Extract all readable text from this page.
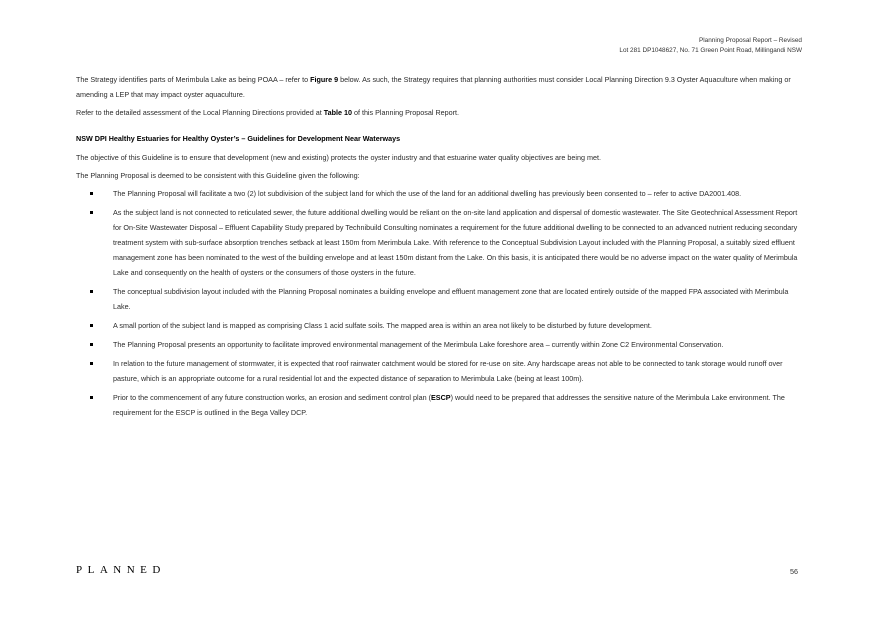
Planning Proposal Report – Revised
Lot 281 DP1048627, No. 71 Green Point Road, Millingandi NSW

The Strategy identifies parts of Merimbula Lake as being POAA – refer to Figure 9 below. As such, the Strategy requires that planning authorities must consider Local Planning Direction 9.3 Oyster Aquaculture when making or amending a LEP that may impact oyster aquaculture.

Refer to the detailed assessment of the Local Planning Directions provided at Table 10 of this Planning Proposal Report.

NSW DPI Healthy Estuaries for Healthy Oyster’s – Guidelines for Development Near Waterways

The objective of this Guideline is to ensure that development (new and existing) protects the oyster industry and that estuarine water quality objectives are being met.

The Planning Proposal is deemed to be consistent with this Guideline given the following:

The Planning Proposal will facilitate a two (2) lot subdivision of the subject land for which the use of the land for an additional dwelling has previously been consented to – refer to active DA2001.408.
As the subject land is not connected to reticulated sewer, the future additional dwelling would be reliant on the on-site land application and dispersal of domestic wastewater. The Site Geotechnical Assessment Report for On-Site Wastewater Disposal – Effluent Capability Study prepared by Technibuild Consulting nominates a requirement for the future additional dwelling to be connected to an advanced nutrient reducing secondary treatment system with sub-surface absorption trenches setback at least 150m from Merimbula Lake. With reference to the Conceptual Subdivision Layout included with the Planning Proposal, a suitably sized effluent management zone has been nominated to the west of the building envelope and at least 150m distant from the Lake. On this basis, it is anticipated there would be no adverse impact on the water quality of Merimbula Lake and consequently on the health of oysters or the consumers of those oysters in the future.
The conceptual subdivision layout included with the Planning Proposal nominates a building envelope and effluent management zone that are located entirely outside of the mapped FPA associated with Merimbula Lake.
A small portion of the subject land is mapped as comprising Class 1 acid sulfate soils. The mapped area is within an area not likely to be disturbed by future development.
The Planning Proposal presents an opportunity to facilitate improved environmental management of the Merimbula Lake foreshore area – currently within Zone C2 Environmental Conservation.
In relation to the future management of stormwater, it is expected that roof rainwater catchment would be stored for re-use on site. Any hardscape areas not able to be connected to tank storage would runoff over pasture, which is an appropriate outcome for a rural residential lot and the expected distance of separation to Merimbula Lake (being at least 100m).
Prior to the commencement of any future construction works, an erosion and sediment control plan (ESCP) would need to be prepared that addresses the sensitive nature of the Merimbula Lake environment. The requirement for the ESCP is outlined in the Bega Valley DCP.
PLANNED	56
